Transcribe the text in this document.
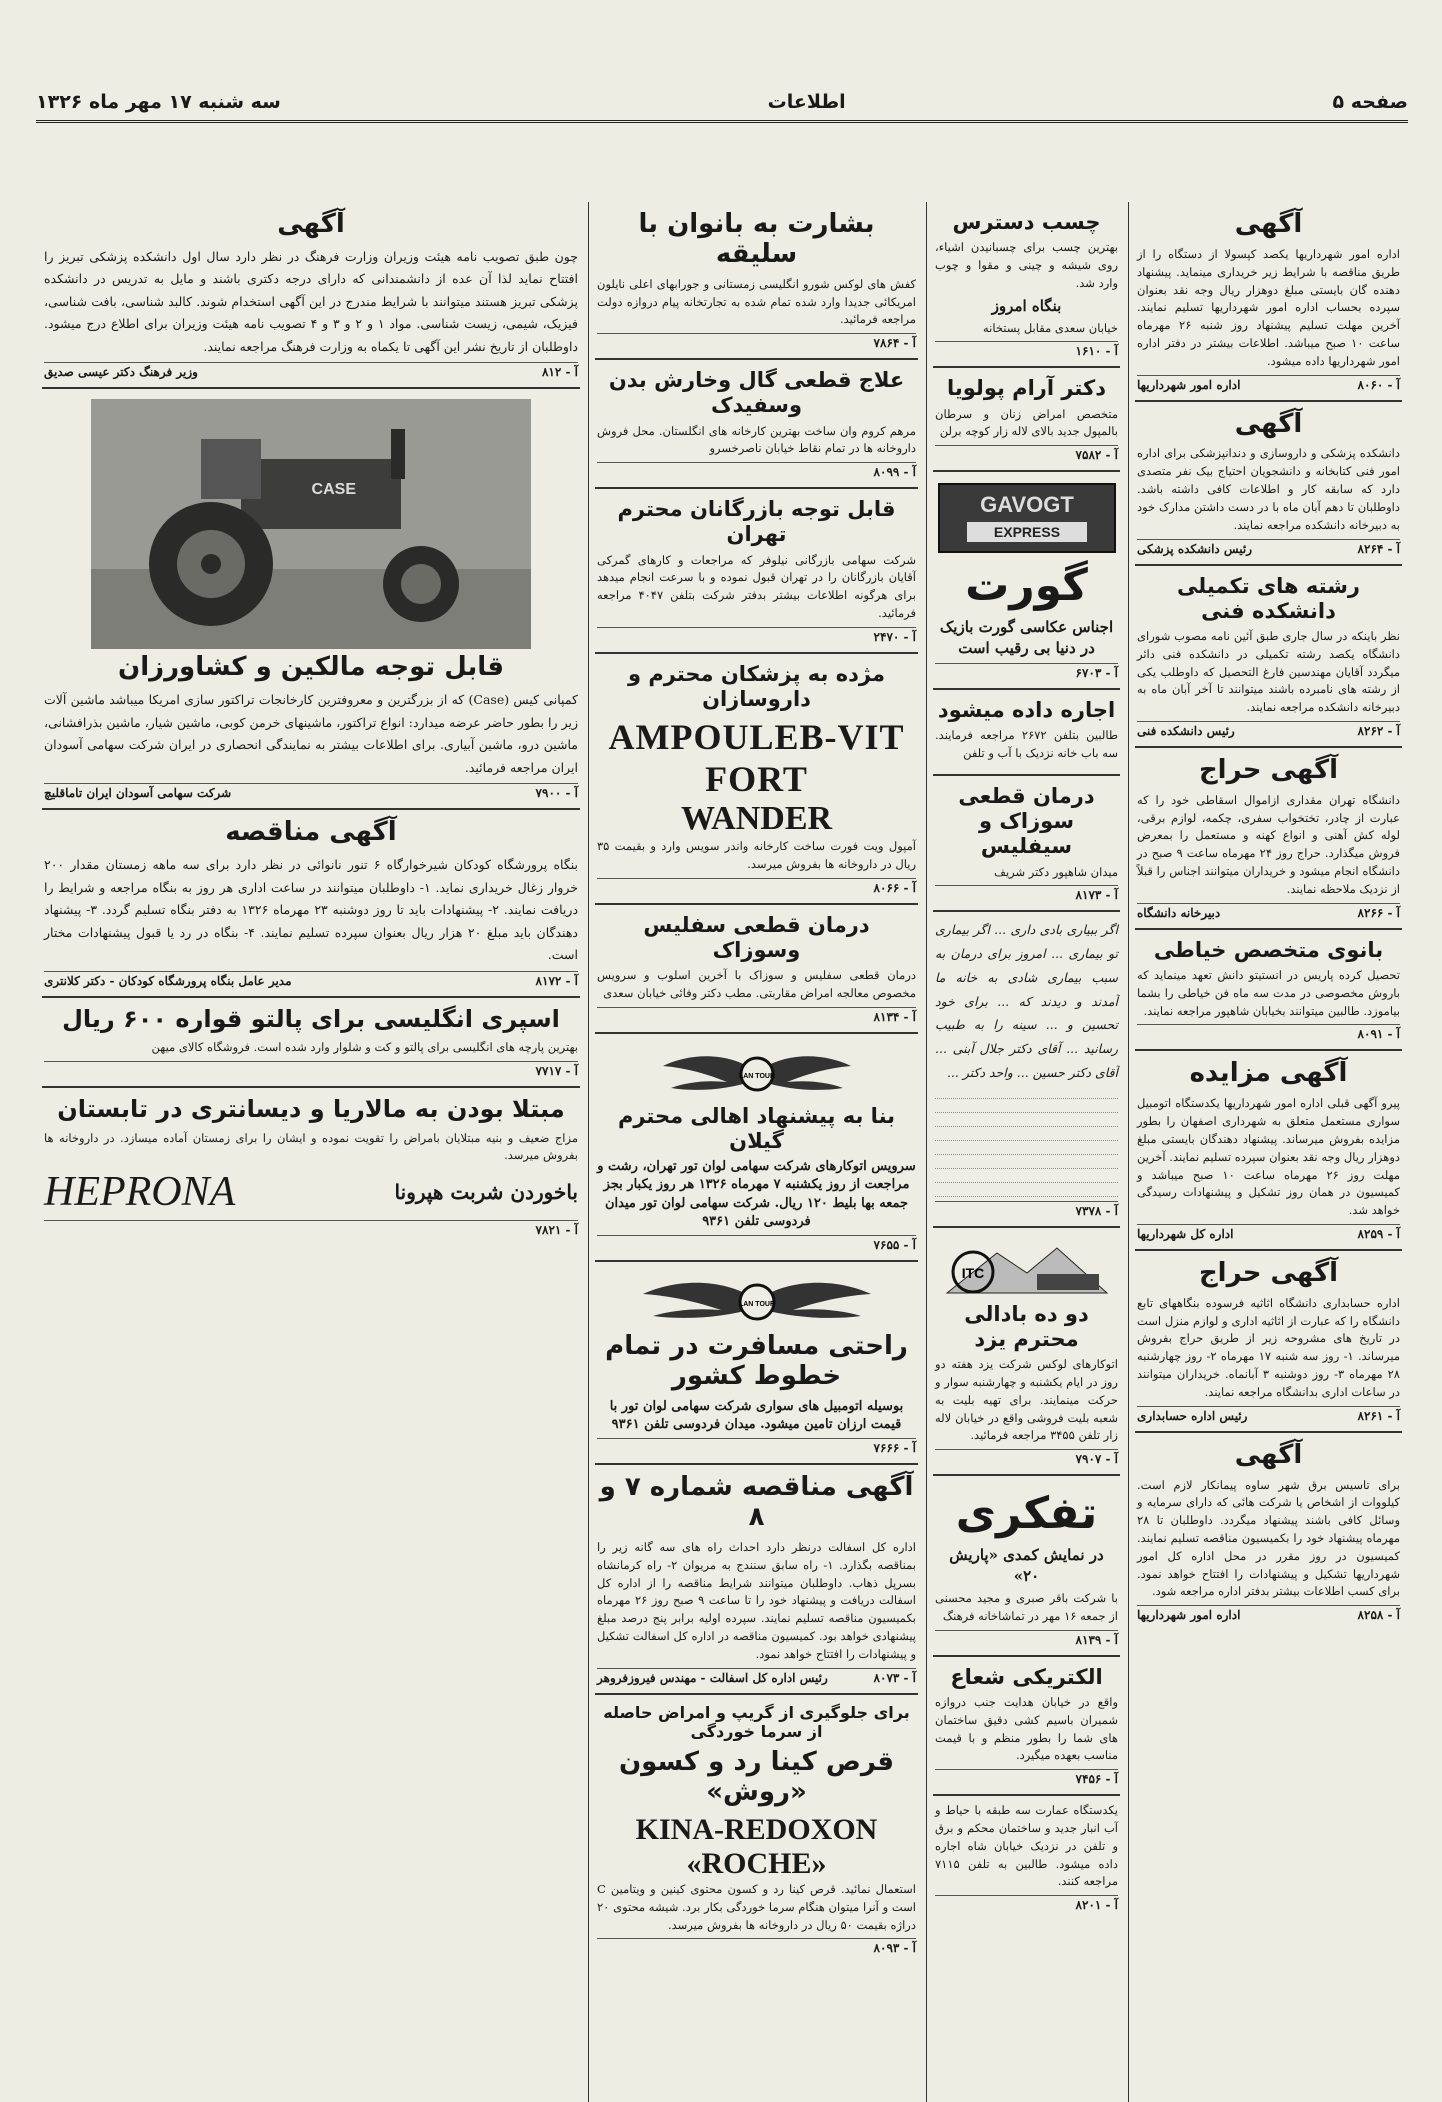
صفحه ۵
اطلاعات
سه شنبه ۱۷ مهر ماه ۱۳۲۶
آگهی

اداره امور شهرداریها یکصد کپسولا از دستگاه را از طریق مناقصه با شرایط زیر خریداری مینماید. پیشنهاد دهنده گان بایستی مبلغ دوهزار ریال وجه نقد بعنوان سپرده بحساب اداره امور شهرداریها تسلیم نمایند. آخرین مهلت تسلیم پیشنهاد روز شنبه ۲۶ مهرماه ساعت ۱۰ صبح میباشد. اطلاعات بیشتر در دفتر اداره امور شهرداریها داده میشود.

آ - ۸۰۶۰
اداره امور شهرداریها
آگهی

دانشکده پزشکی و داروسازی و دندانپزشکی برای اداره امور فنی کتابخانه و دانشجویان احتیاج بیک نفر متصدی دارد که سابقه کار و اطلاعات کافی داشته باشد. داوطلبان تا دهم آبان ماه با در دست داشتن مدارک خود به دبیرخانه دانشکده مراجعه نمایند.

آ - ۸۲۶۴
رئیس دانشکده پزشکی
رشته های تکمیلی دانشکده فنی

نظر باینکه در سال جاری طبق آئین نامه مصوب شورای دانشگاه یکصد رشته تکمیلی در دانشکده فنی دائر میگردد آقایان مهندسین فارغ التحصیل که داوطلب یکی از رشته های نامبرده باشند میتوانند تا آخر آبان ماه به دبیرخانه دانشکده مراجعه نمایند.

آ - ۸۲۶۲
رئیس دانشکده فنی
آگهی حراج

دانشگاه تهران مقداری ازاموال اسقاطی خود را که عبارت از چادر، تختخواب سفری، چکمه، لوازم برقی، لوله کش آهنی و انواع کهنه و مستعمل را بمعرض فروش میگذارد. حراج روز ۲۴ مهرماه ساعت ۹ صبح در دانشگاه انجام میشود و خریداران میتوانند اجناس را قبلاً از نزدیک ملاحظه نمایند.

آ - ۸۲۶۶
دبیرخانه دانشگاه
بانوی متخصص خیاطی

تحصیل کرده پاریس در انستیتو دانش تعهد مینماید که باروش مخصوصی در مدت سه ماه فن خیاطی را بشما بیاموزد. طالبین میتوانند بخیابان شاهپور مراجعه نمایند.

آ - ۸۰۹۱
آگهی مزایده

پیرو آگهی قبلی اداره امور شهرداریها یکدستگاه اتومبیل سواری مستعمل متعلق به شهرداری اصفهان را بطور مزایده بفروش میرساند. پیشنهاد دهندگان بایستی مبلغ دوهزار ریال وجه نقد بعنوان سپرده تسلیم نمایند. آخرین مهلت روز ۲۶ مهرماه ساعت ۱۰ صبح میباشد و کمیسیون در همان روز تشکیل و پیشنهادات رسیدگی خواهد شد.

آ - ۸۲۵۹
اداره کل شهرداریها
آگهی حراج

اداره حسابداری دانشگاه اثاثیه فرسوده بنگاههای تابع دانشگاه را که عبارت از اثاثیه اداری و لوازم منزل است در تاریخ های مشروحه زیر از طریق حراج بفروش میرساند. ۱- روز سه شنبه ۱۷ مهرماه ۲- روز چهارشنبه ۲۸ مهرماه ۳- روز دوشنبه ۳ آبانماه. خریداران میتوانند در ساعات اداری بدانشگاه مراجعه نمایند.

آ - ۸۲۶۱
رئیس اداره حسابداری
آگهی

برای تاسیس برق شهر ساوه پیمانکار لازم است. کیلووات از اشخاص یا شرکت هائی که دارای سرمایه و وسائل کافی باشند پیشنهاد میگردد. داوطلبان تا ۲۸ مهرماه پیشنهاد خود را بکمیسیون مناقصه تسلیم نمایند. کمیسیون در روز مقرر در محل اداره کل امور شهرداریها تشکیل و پیشنهادات را افتتاح خواهد نمود. برای کسب اطلاعات بیشتر بدفتر اداره مراجعه شود.

آ - ۸۲۵۸
اداره امور شهرداریها
چسب دسترس

بهترین چسب برای چسبانیدن اشیاء، روی شیشه و چینی و مقوا و چوب وارد شد.

بنگاه امروز

خیابان سعدی مقابل پستخانه

آ - ۱۶۱۰
دکتر آرام پولویا

متخصص امراض زنان و سرطان بالمپول جدید بالای لاله زار کوچه برلن

آ - ۷۵۸۲
GAVOGT
EXPRESS
گورت

اجناس عکاسی گورت بازیک در دنیا بی رقیب است

آ - ۶۷۰۳
اجاره داده میشود

طالبین بتلفن ۲۶۷۲ مراجعه فرمایند. سه باب خانه نزدیک با آب و تلفن

درمان قطعی سوزاک و سیفلیس

میدان شاهپور دکتر شریف

آ - ۸۱۷۳

اگر ببیاری بادی داری ... اگر بیماری تو بیماری ... امروز برای درمان به سبب بیماری شادی به خانه ما آمدند و دیدند که ... برای خود تحسین و ... سینه را به طبیب رسانید ... آقای دکتر جلال آبنی ... آقای دکتر حسین ... واحد دکتر ...

آ - ۷۳۷۸
ITC
دو ده بادالی محترم یزد

اتوکارهای لوکس شرکت یزد هفته دو روز در ایام یکشنبه و چهارشنبه سوار و حرکت مینمایند. برای تهیه بلیت به شعبه بلیت فروشی واقع در خیابان لاله زار تلفن ۳۴۵۵ مراجعه فرمائید.

آ - ۷۹۰۷
تفکری

در نمایش کمدی «پاریش ۲۰»

با شرکت باقر صبری و مجید محسنی از جمعه ۱۶ مهر در تماشاخانه فرهنگ

آ - ۸۱۳۹
الکتریکی شعاع

واقع در خیابان هدایت جنب دروازه شمیران باسیم کشی دقیق ساختمان های شما را بطور منظم و با قیمت مناسب بعهده میگیرد.

آ - ۷۴۵۶

یکدستگاه عمارت سه طبقه با حیاط و آب انبار جدید و ساختمان محکم و برق و تلفن در نزدیک خیابان شاه اجاره داده میشود. طالبین به تلفن ۷۱۱۵ مراجعه کنند.

آ - ۸۲۰۱
بشارت به بانوان با سلیقه

کفش های لوکس شورو انگلیسی زمستانی و جورابهای اعلی نایلون امریکائی جدیدا وارد شده تمام شده به تجارتخانه پیام دروازه دولت مراجعه فرمائید.

آ - ۷۸۶۴
علاج قطعی گال وخارش بدن وسفیدک

مرهم کروم وان ساخت بهترین کارخانه های انگلستان. محل فروش داروخانه ها در تمام نقاط خیابان ناصرخسرو

آ - ۸۰۹۹
قابل توجه بازرگانان محترم تهران

شرکت سهامی بازرگانی نیلوفر که مراجعات و کارهای گمرکی آقایان بازرگانان را در تهران قبول نموده و با سرعت انجام میدهد برای هرگونه اطلاعات بیشتر بدفتر شرکت بتلفن ۴۰۴۷ مراجعه فرمائید.

آ - ۲۴۷۰
مژده به پزشکان محترم و داروسازان
AMPOULEB-VIT FORT
WANDER

آمپول ویت فورت ساخت کارخانه واندر سویس وارد و بقیمت ۳۵ ریال در داروخانه ها بفروش میرسد.

آ - ۸۰۶۶
درمان قطعی سفلیس وسوزاک

درمان قطعی سفلیس و سوزاک با آخرین اسلوب و سرویس مخصوص معالجه امراض مقاربتی. مطب دکتر وفائی خیابان سعدی

آ - ۸۱۳۴
LAN TOUR
بنا به پیشنهاد اهالی محترم گیلان

سرویس اتوکارهای شرکت سهامی لوان تور تهران، رشت و مراجعت از روز یکشنبه ۷ مهرماه ۱۳۲۶ هر روز یکبار بجز جمعه بها بلیط ۱۲۰ ریال. شرکت سهامی لوان تور میدان فردوسی تلفن ۹۳۶۱

آ - ۷۶۵۵
LAN TOUR
راحتی مسافرت در تمام خطوط کشور

بوسیله اتومبیل های سواری شرکت سهامی لوان تور با قیمت ارزان تامین میشود. میدان فردوسی تلفن ۹۳۶۱

آ - ۷۶۶۶
آگهی مناقصه شماره ۷ و ۸

اداره کل اسفالت درنظر دارد احداث راه های سه گانه زیر را بمناقصه بگذارد. ۱- راه سابق سنندج به مریوان ۲- راه کرمانشاه بسرپل ذهاب. داوطلبان میتوانند شرایط مناقصه را از اداره کل اسفالت دریافت و پیشنهاد خود را تا ساعت ۹ صبح روز ۲۶ مهرماه بکمیسیون مناقصه تسلیم نمایند. سپرده اولیه برابر پنج درصد مبلغ پیشنهادی خواهد بود. کمیسیون مناقصه در اداره کل اسفالت تشکیل و پیشنهادات را افتتاح خواهد نمود.

آ - ۸۰۷۳
رئیس اداره کل اسفالت - مهندس فیروزفروهر
برای جلوگیری از گریپ و امراض حاصله از سرما خوردگی
قرص کینا رد و کسون «روش»
KINA-REDOXON «ROCHE»

استعمال نمائید. قرص کینا رد و کسون محتوی کینین و ویتامین C است و آنرا میتوان هنگام سرما خوردگی بکار برد. شیشه محتوی ۲۰ دراژه بقیمت ۵۰ ریال در داروخانه ها بفروش میرسد.

آ - ۸۰۹۳
آگهی

چون طبق تصویب نامه هیئت وزیران وزارت فرهنگ در نظر دارد سال اول دانشکده پزشکی تبریز را افتتاح نماید لذا آن عده از دانشمندانی که دارای درجه دکتری باشند و مایل به تدریس در دانشکده پزشکی تبریز هستند میتوانند با شرایط مندرج در این آگهی استخدام شوند. کالبد شناسی، بافت شناسی، فیزیک، شیمی، زیست شناسی. مواد ۱ و ۲ و ۳ و ۴ تصویب نامه هیئت وزیران برای اطلاع درج میشود. داوطلبان از تاریخ نشر این آگهی تا یکماه به وزارت فرهنگ مراجعه نمایند.

آ - ۸۱۲
وزیر فرهنگ دکتر عیسی صدیق
CASE
قابل توجه مالکین و کشاورزان

کمپانی کیس (Case) که از بزرگترین و معروفترین کارخانجات تراکتور سازی امریکا میباشد ماشین آلات زیر را بطور حاضر عرضه میدارد: انواع تراکتور، ماشینهای خرمن کوبی، ماشین شیار، ماشین بذرافشانی، ماشین درو، ماشین آبیاری. برای اطلاعات بیشتر به نمایندگی انحصاری در ایران شرکت سهامی آسودان ایران مراجعه فرمائید.

آ - ۷۹۰۰
شرکت سهامی آسودان ایران تاماقلیچ
آگهی مناقصه

بنگاه پرورشگاه کودکان شیرخوارگاه ۶ تنور نانوائی در نظر دارد برای سه ماهه زمستان مقدار ۲۰۰ خروار زغال خریداری نماید. ۱- داوطلبان میتوانند در ساعت اداری هر روز به بنگاه مراجعه و شرایط را دریافت نمایند. ۲- پیشنهادات باید تا روز دوشنبه ۲۳ مهرماه ۱۳۲۶ به دفتر بنگاه تسلیم گردد. ۳- پیشنهاد دهندگان باید مبلغ ۲۰ هزار ریال بعنوان سپرده تسلیم نمایند. ۴- بنگاه در رد یا قبول پیشنهادات مختار است.

آ - ۸۱۷۲
مدیر عامل بنگاه پرورشگاه کودکان - دکتر کلانتری
اسپری انگلیسی برای پالتو قواره ۶۰۰ ریال

بهترین پارچه های انگلیسی برای پالتو و کت و شلوار وارد شده است. فروشگاه کالای میهن

آ - ۷۷۱۷
مبتلا بودن به مالاریا و دیسانتری در تابستان

مزاج ضعیف و بنیه مبتلایان بامراض را تقویت نموده و ایشان را برای زمستان آماده میسازد. در داروخانه ها بفروش میرسد.

باخوردن شربت هپرونا
HEPRONA
آ - ۷۸۲۱
